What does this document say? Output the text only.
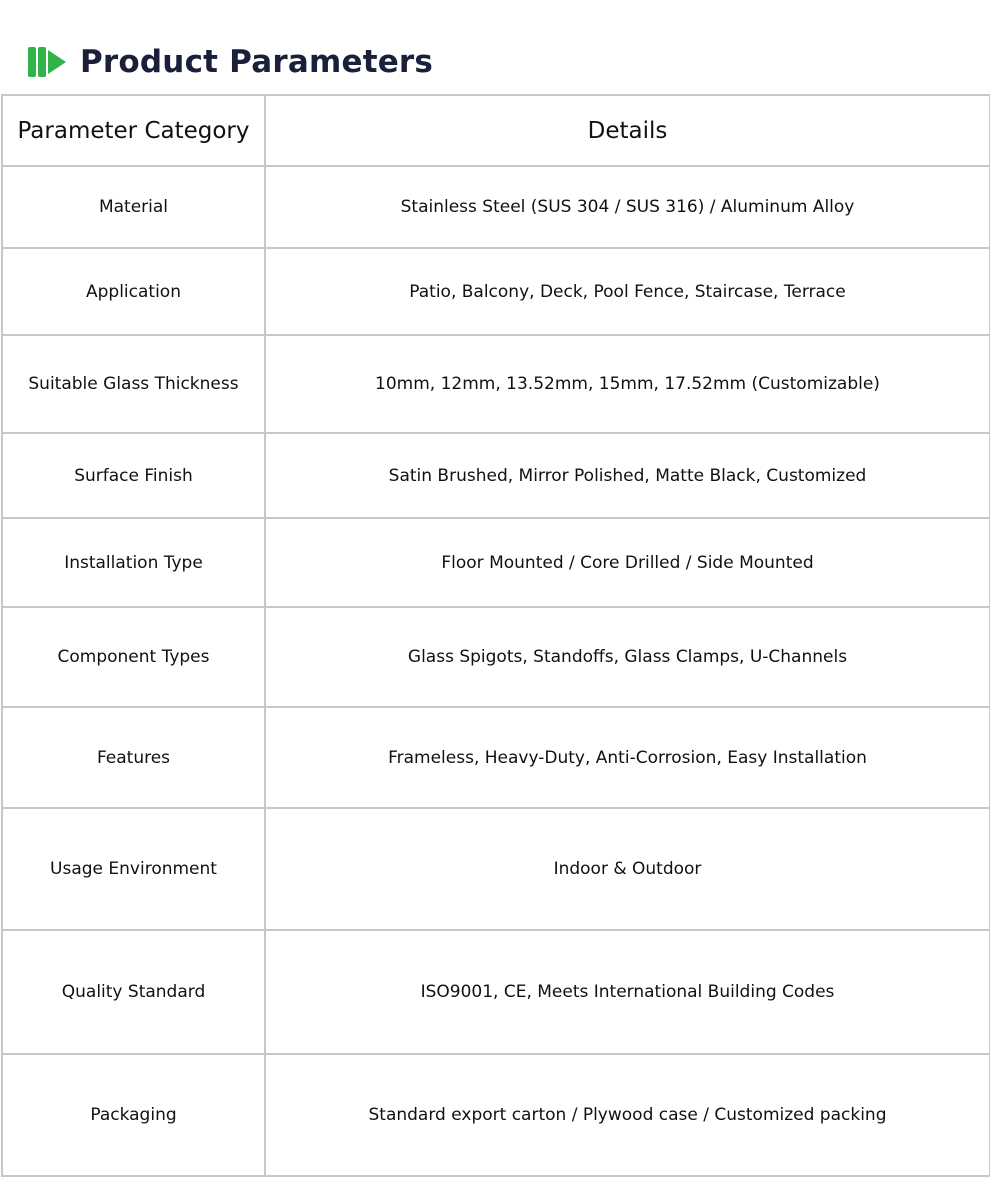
Product Parameters
Parameter Category	Details
Material	Stainless Steel (SUS 304 / SUS 316) / Aluminum Alloy
Application	Patio, Balcony, Deck, Pool Fence, Staircase, Terrace
Suitable Glass Thickness	10mm, 12mm, 13.52mm, 15mm, 17.52mm (Customizable)
Surface Finish	Satin Brushed, Mirror Polished, Matte Black, Customized
Installation Type	Floor Mounted / Core Drilled / Side Mounted
Component Types	Glass Spigots, Standoffs, Glass Clamps, U-Channels
Features	Frameless, Heavy-Duty, Anti-Corrosion, Easy Installation
Usage Environment	Indoor & Outdoor
Quality Standard	ISO9001, CE, Meets International Building Codes
Packaging	Standard export carton / Plywood case / Customized packing
